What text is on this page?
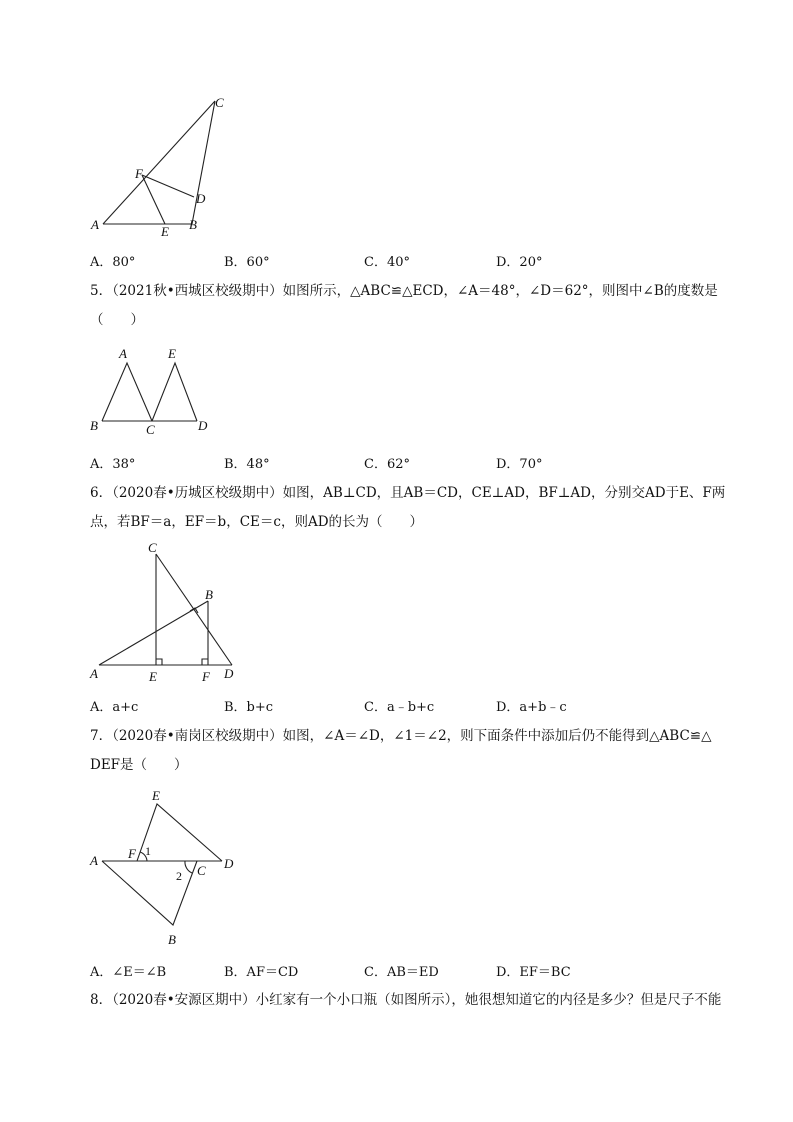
A	B
C
D
E
F
A．80°	B．60°	C．40°	D．20°
5．（2021秋•西城区校级期中）如图所示，△ABC≌△ECD，∠A＝48°，∠D＝62°，则图中∠B的度数是
（　　）
A
B	C	D
E
A．38°	B．48°	C．62°	D．70°
6．（2020春•历城区校级期中）如图，AB⊥CD，且AB＝CD，CE⊥AD，BF⊥AD，分别交AD于E、F两
点，若BF＝a，EF＝b，CE＝c，则AD的长为（　　）
A
B
C
D
E	F
A．a+c	B．b+c	C．a﹣b+c	D．a+b﹣c
7．（2020春•南岗区校级期中）如图，∠A＝∠D，∠1＝∠2，则下面条件中添加后仍不能得到△ABC≌△
DEF是（　　）
A
B
C D
E
F 1
2
A．∠E＝∠B	B．AF＝CD	C．AB＝ED	D．EF＝BC
8．（2020春•安源区期中）小红家有一个小口瓶（如图所示），她很想知道它的内径是多少？但是尺子不能
